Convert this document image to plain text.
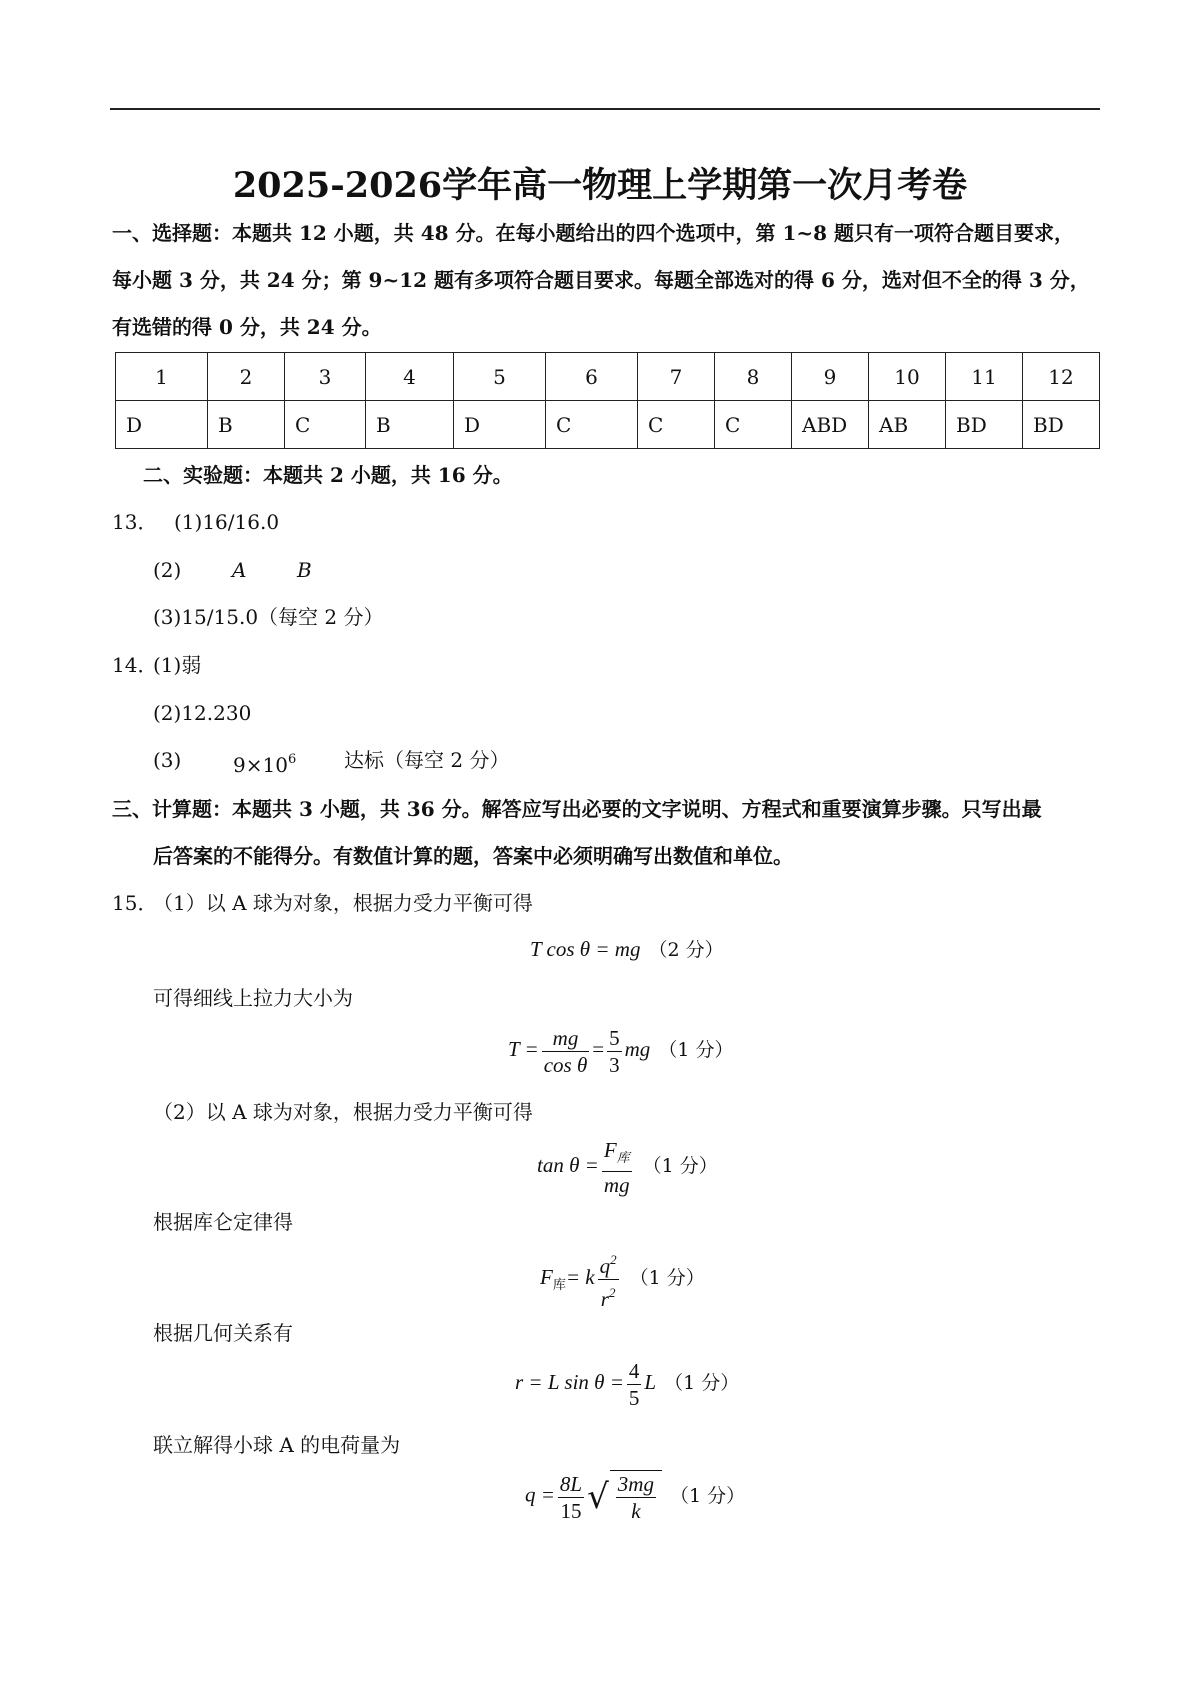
2025-2026学年高一物理上学期第一次月考卷
一、选择题：本题共 12 小题，共 48 分。在每小题给出的四个选项中，第 1~8 题只有一项符合题目要求，
每小题 3 分，共 24 分；第 9~12 题有多项符合题目要求。每题全部选对的得 6 分，选对但不全的得 3 分，
有选错的得 0 分，共 24 分。
1	2	3	4	5	6	7	8	9	10	11	12
D	B	C	B	D	C	C	C	ABD	AB	BD	BD
二、实验题：本题共 2 小题，共 16 分。
13． (1)16/16.0
(2)	A	B
(3)15/15.0（每空 2 分）
14．
(1)弱
(2)12.230
(3)	$9\times 10^6$ 达标（每空 2 分）
三、计算题：本题共 3 小题，共 36 分。解答应写出必要的文字说明、方程式和重要演算步骤。只写出最
后答案的不能得分。有数值计算的题，答案中必须明确写出数值和单位。
15．
（1）以 A 球为对象，根据力受力平衡可得
T cos θ = mg （2 分）
可得细线上拉力大小为
$T = \frac{mg}{\text{cos θ}} = \frac{5}{3}$ mg （1 分）
（2）以 A 球为对象，根据力受力平衡可得
$\tan \theta = \frac{F_库}{mg} (1$ 分）
根据库仑定律得
$F_库= k \frac{q^2}{r^2} (1$ 分）
根据几何关系有
r = L $\sin \theta = \frac{4}{5}$ L （1 分）
联立解得小球 A 的电荷量为
$q = \frac{8L}{15}$ √ $\frac{3mg}{k} (1$ 分）
